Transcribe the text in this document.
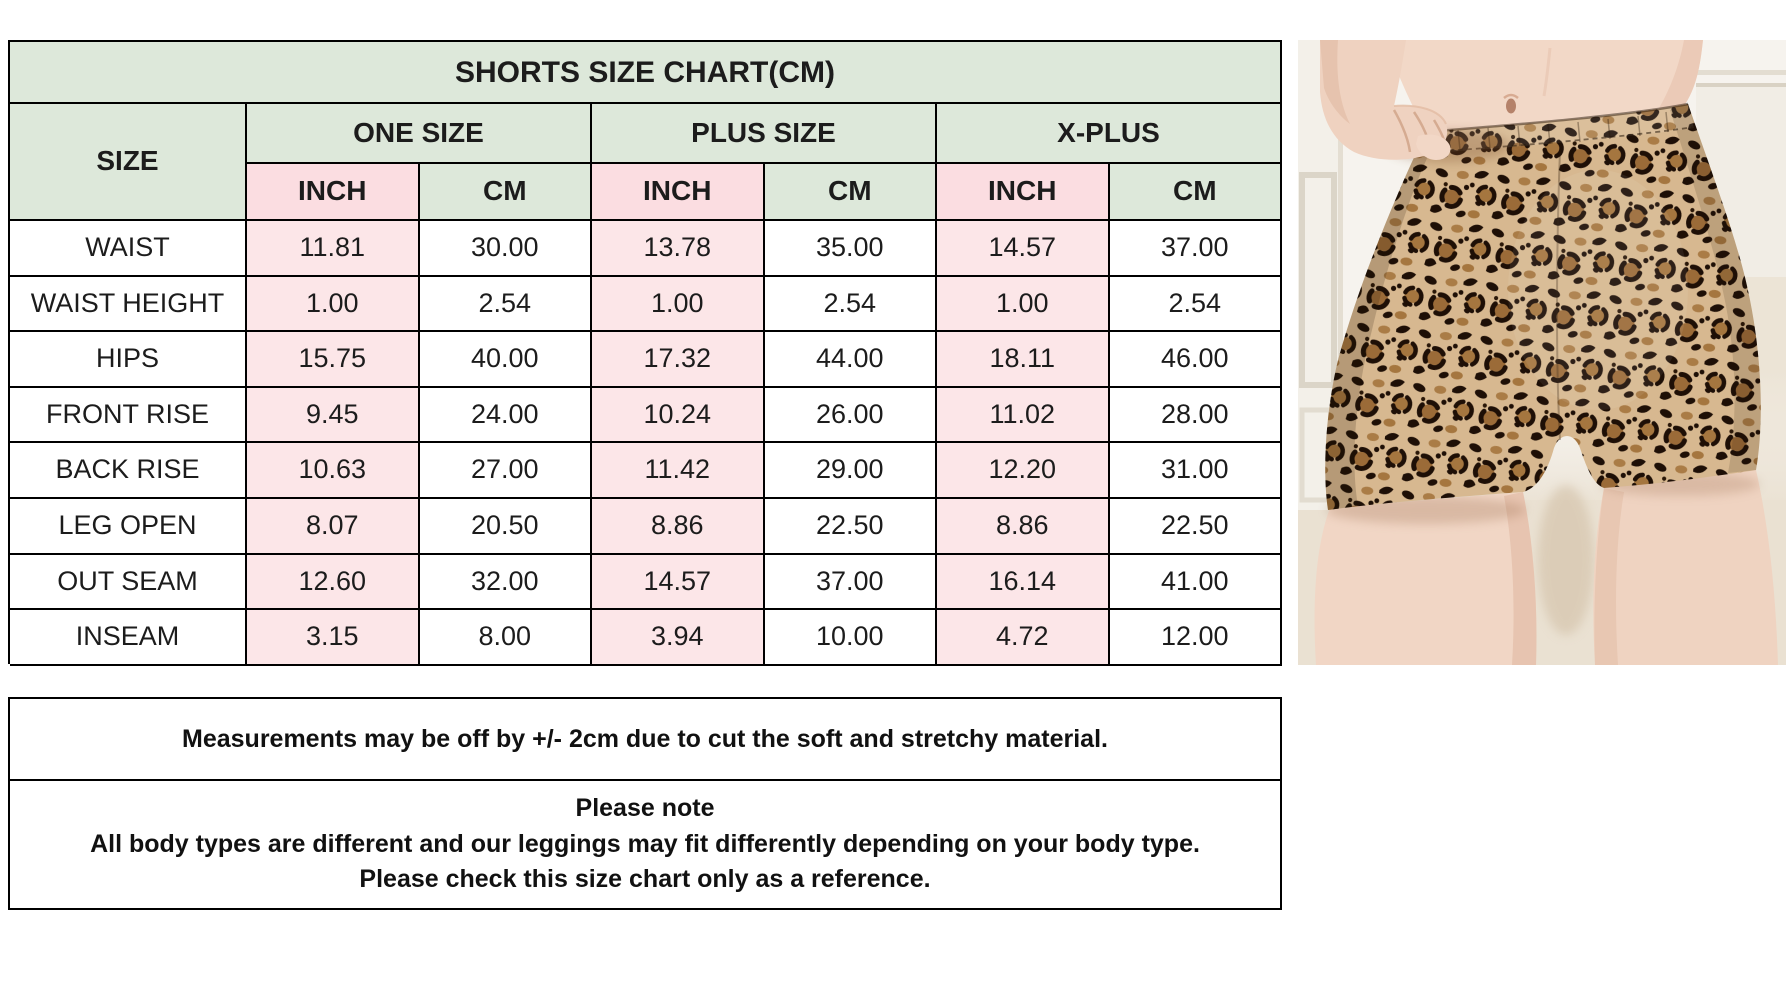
SHORTS SIZE CHART(CM)
SIZE
ONE SIZE	PLUS SIZE	X-PLUS
INCH	CM	INCH	CM	INCH	CM
WAIST	11.81	30.00	13.78	35.00	14.57	37.00
WAIST HEIGHT	1.00	2.54	1.00	2.54	1.00	2.54
HIPS	15.75	40.00	17.32	44.00	18.11	46.00
FRONT RISE	9.45	24.00	10.24	26.00	11.02	28.00
BACK RISE	10.63	27.00	11.42	29.00	12.20	31.00
LEG OPEN	8.07	20.50	8.86	22.50	8.86	22.50
OUT SEAM	12.60	32.00	14.57	37.00	16.14	41.00
INSEAM	3.15	8.00	3.94	10.00	4.72	12.00

Measurements may be off by +/- 2cm due to cut the soft and stretchy material.

Please note

All body types are different and our leggings may fit differently depending on your body type.

Please check this size chart only as a reference.
